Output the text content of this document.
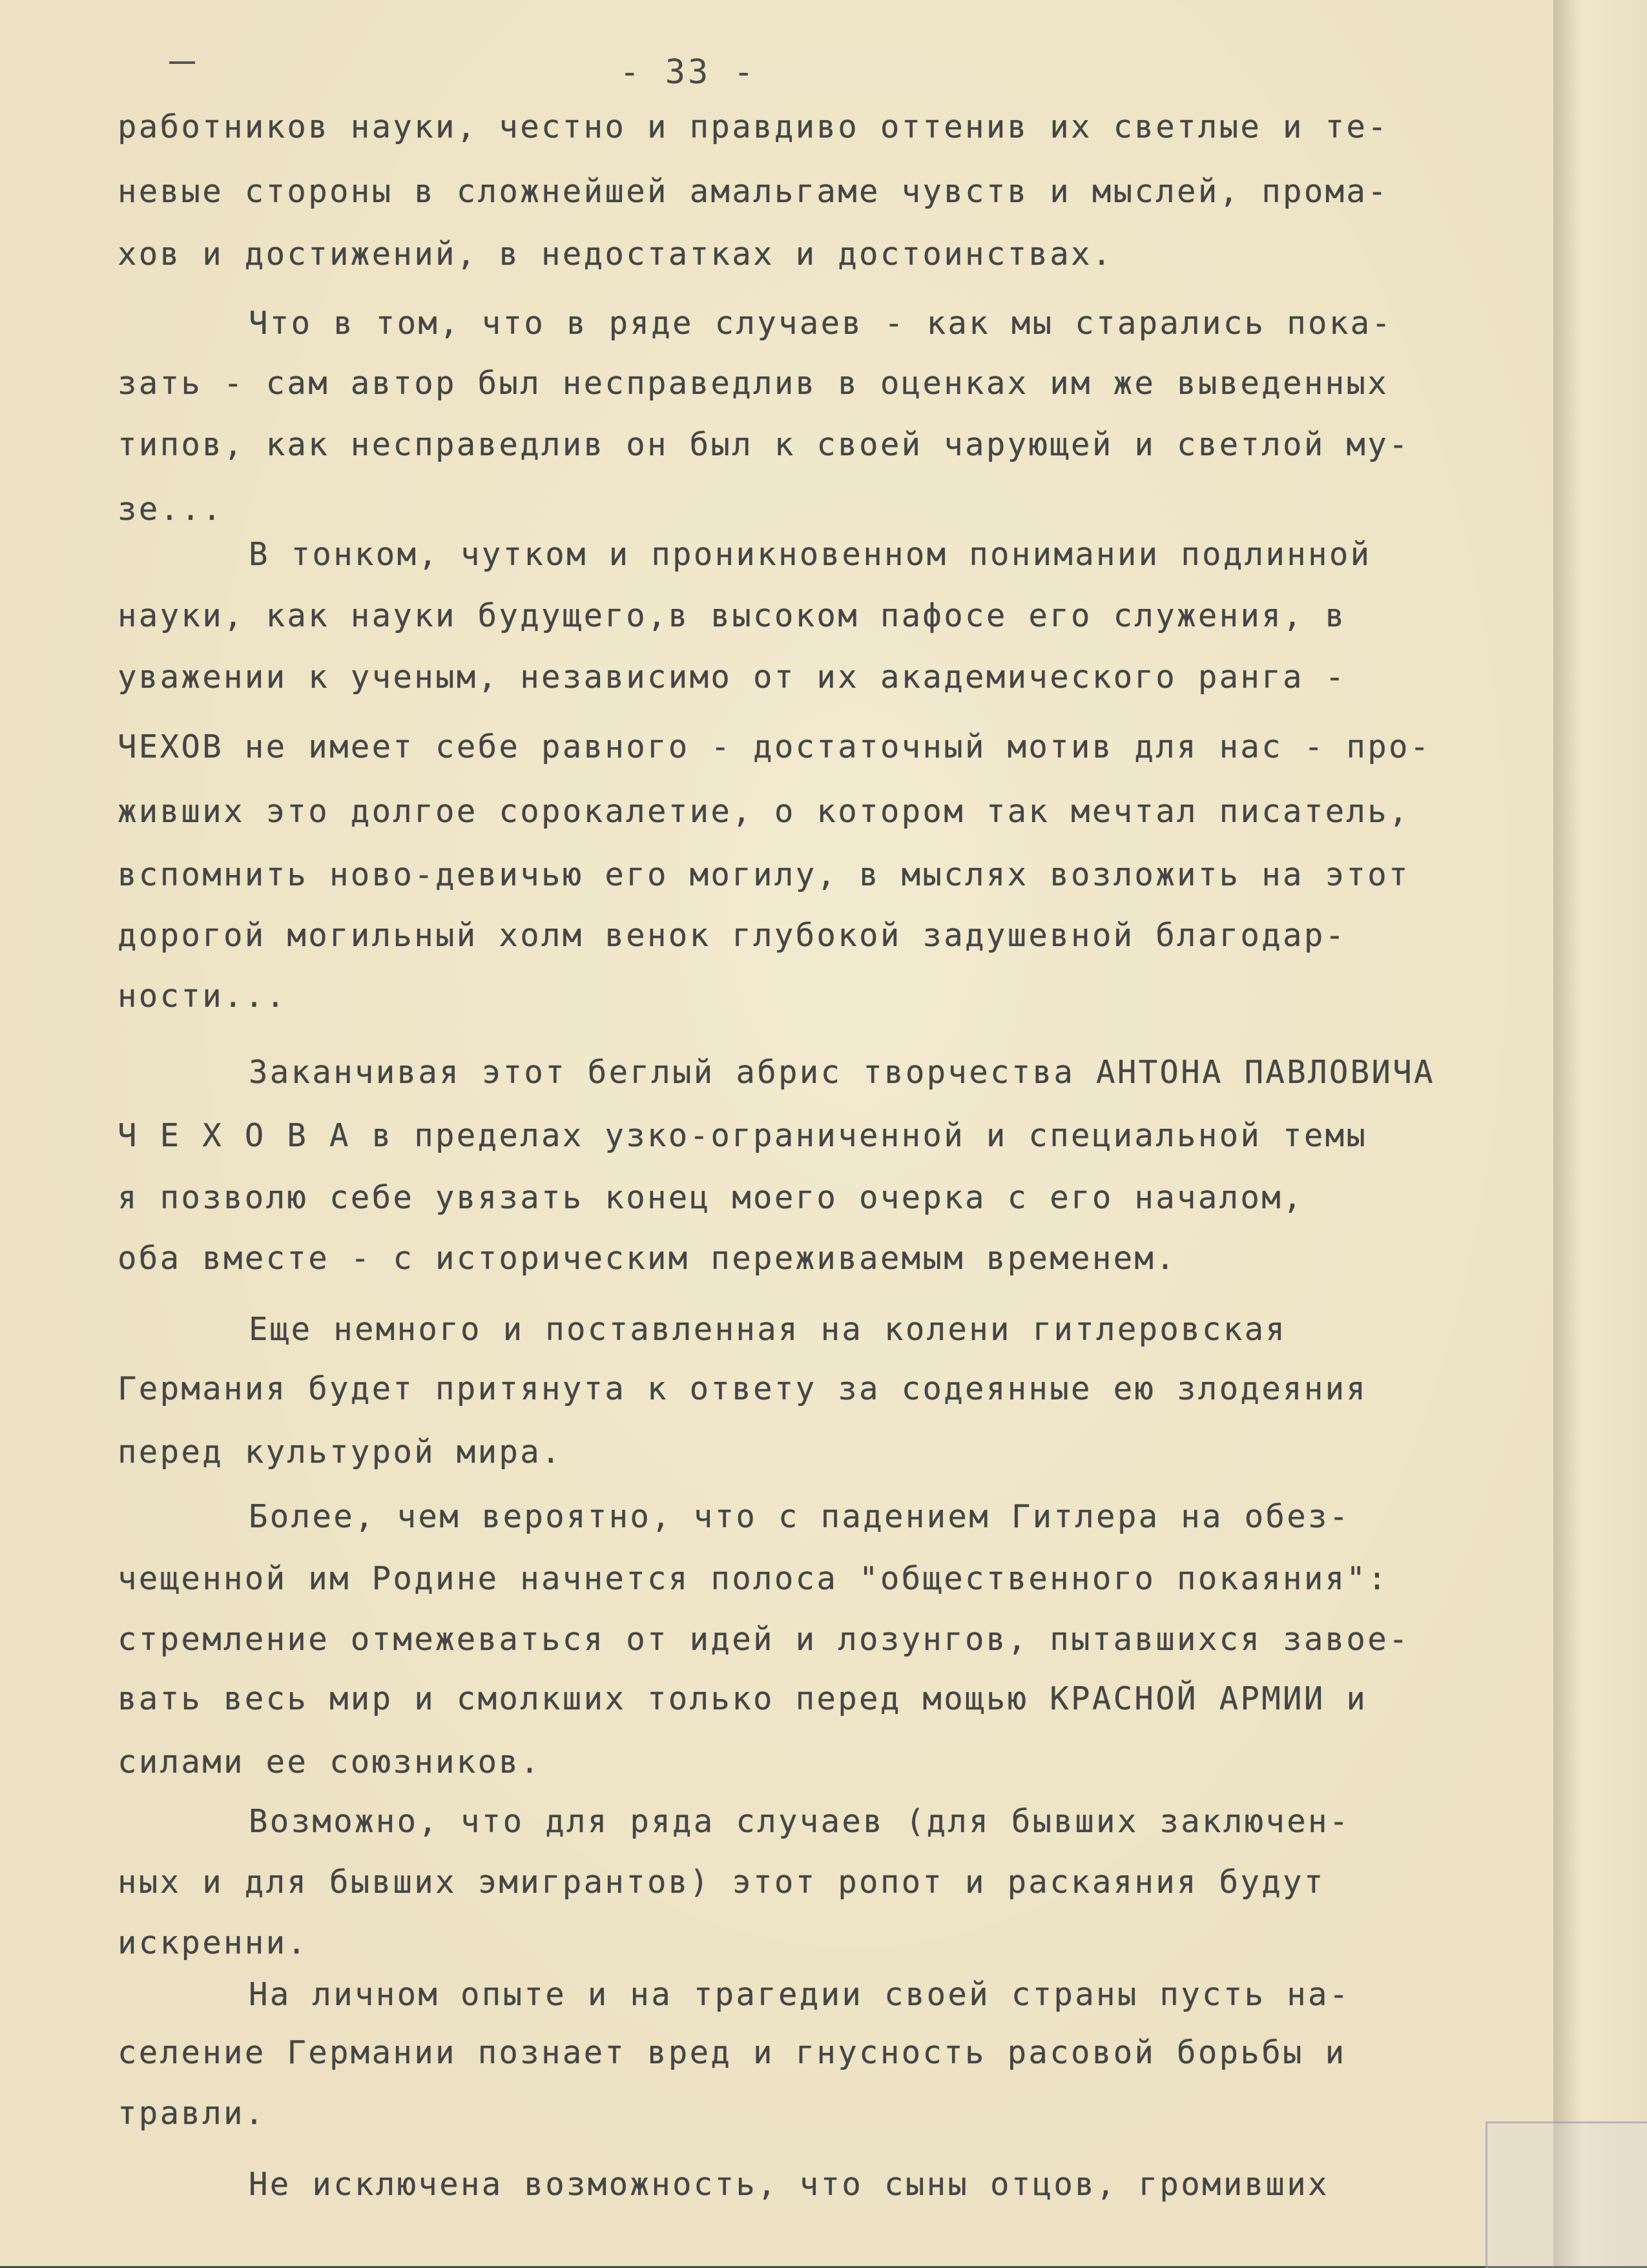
- 33 -
работников науки, честно и правдиво оттенив их светлые и те-
невые стороны в сложнейшей амальгаме чувств и мыслей, прома-
хов и достижений, в недостатках и достоинствах.
Что в том, что в ряде случаев - как мы старались пока-
зать - сам автор был несправедлив в оценках им же выведенных
типов, как несправедлив он был к своей чарующей и светлой му-
зе...
В тонком, чутком и проникновенном понимании подлинной
науки, как науки будущего,в высоком пафосе его служения, в
уважении к ученым, независимо от их академического ранга -
ЧЕХОВ не имеет себе равного - достаточный мотив для нас - про-
живших это долгое сорокалетие, о котором так мечтал писатель,
вспомнить ново-девичью его могилу, в мыслях возложить на этот
дорогой могильный холм венок глубокой задушевной благодар-
ности...
Заканчивая этот беглый абрис творчества АНТОНА ПАВЛОВИЧА
Ч Е Х О В А в пределах узко-ограниченной и специальной темы
я позволю себе увязать конец моего очерка с его началом,
оба вместе - с историческим переживаемым временем.
Еще немного и поставленная на колени гитлеровская
Германия будет притянута к ответу за содеянные ею злодеяния
перед культурой мира.
Более, чем вероятно, что с падением Гитлера на обез-
чещенной им Родине начнется полоса "общественного покаяния":
стремление отмежеваться от идей и лозунгов, пытавшихся завое-
вать весь мир и смолкших только перед мощью КРАСНОЙ АРМИИ и
силами ее союзников.
Возможно, что для ряда случаев (для бывших заключен-
ных и для бывших эмигрантов) этот ропот и раскаяния будут
искренни.
На личном опыте и на трагедии своей страны пусть на-
селение Германии познает вред и гнусность расовой борьбы и
травли.
Не исключена возможность, что сыны отцов, громивших
